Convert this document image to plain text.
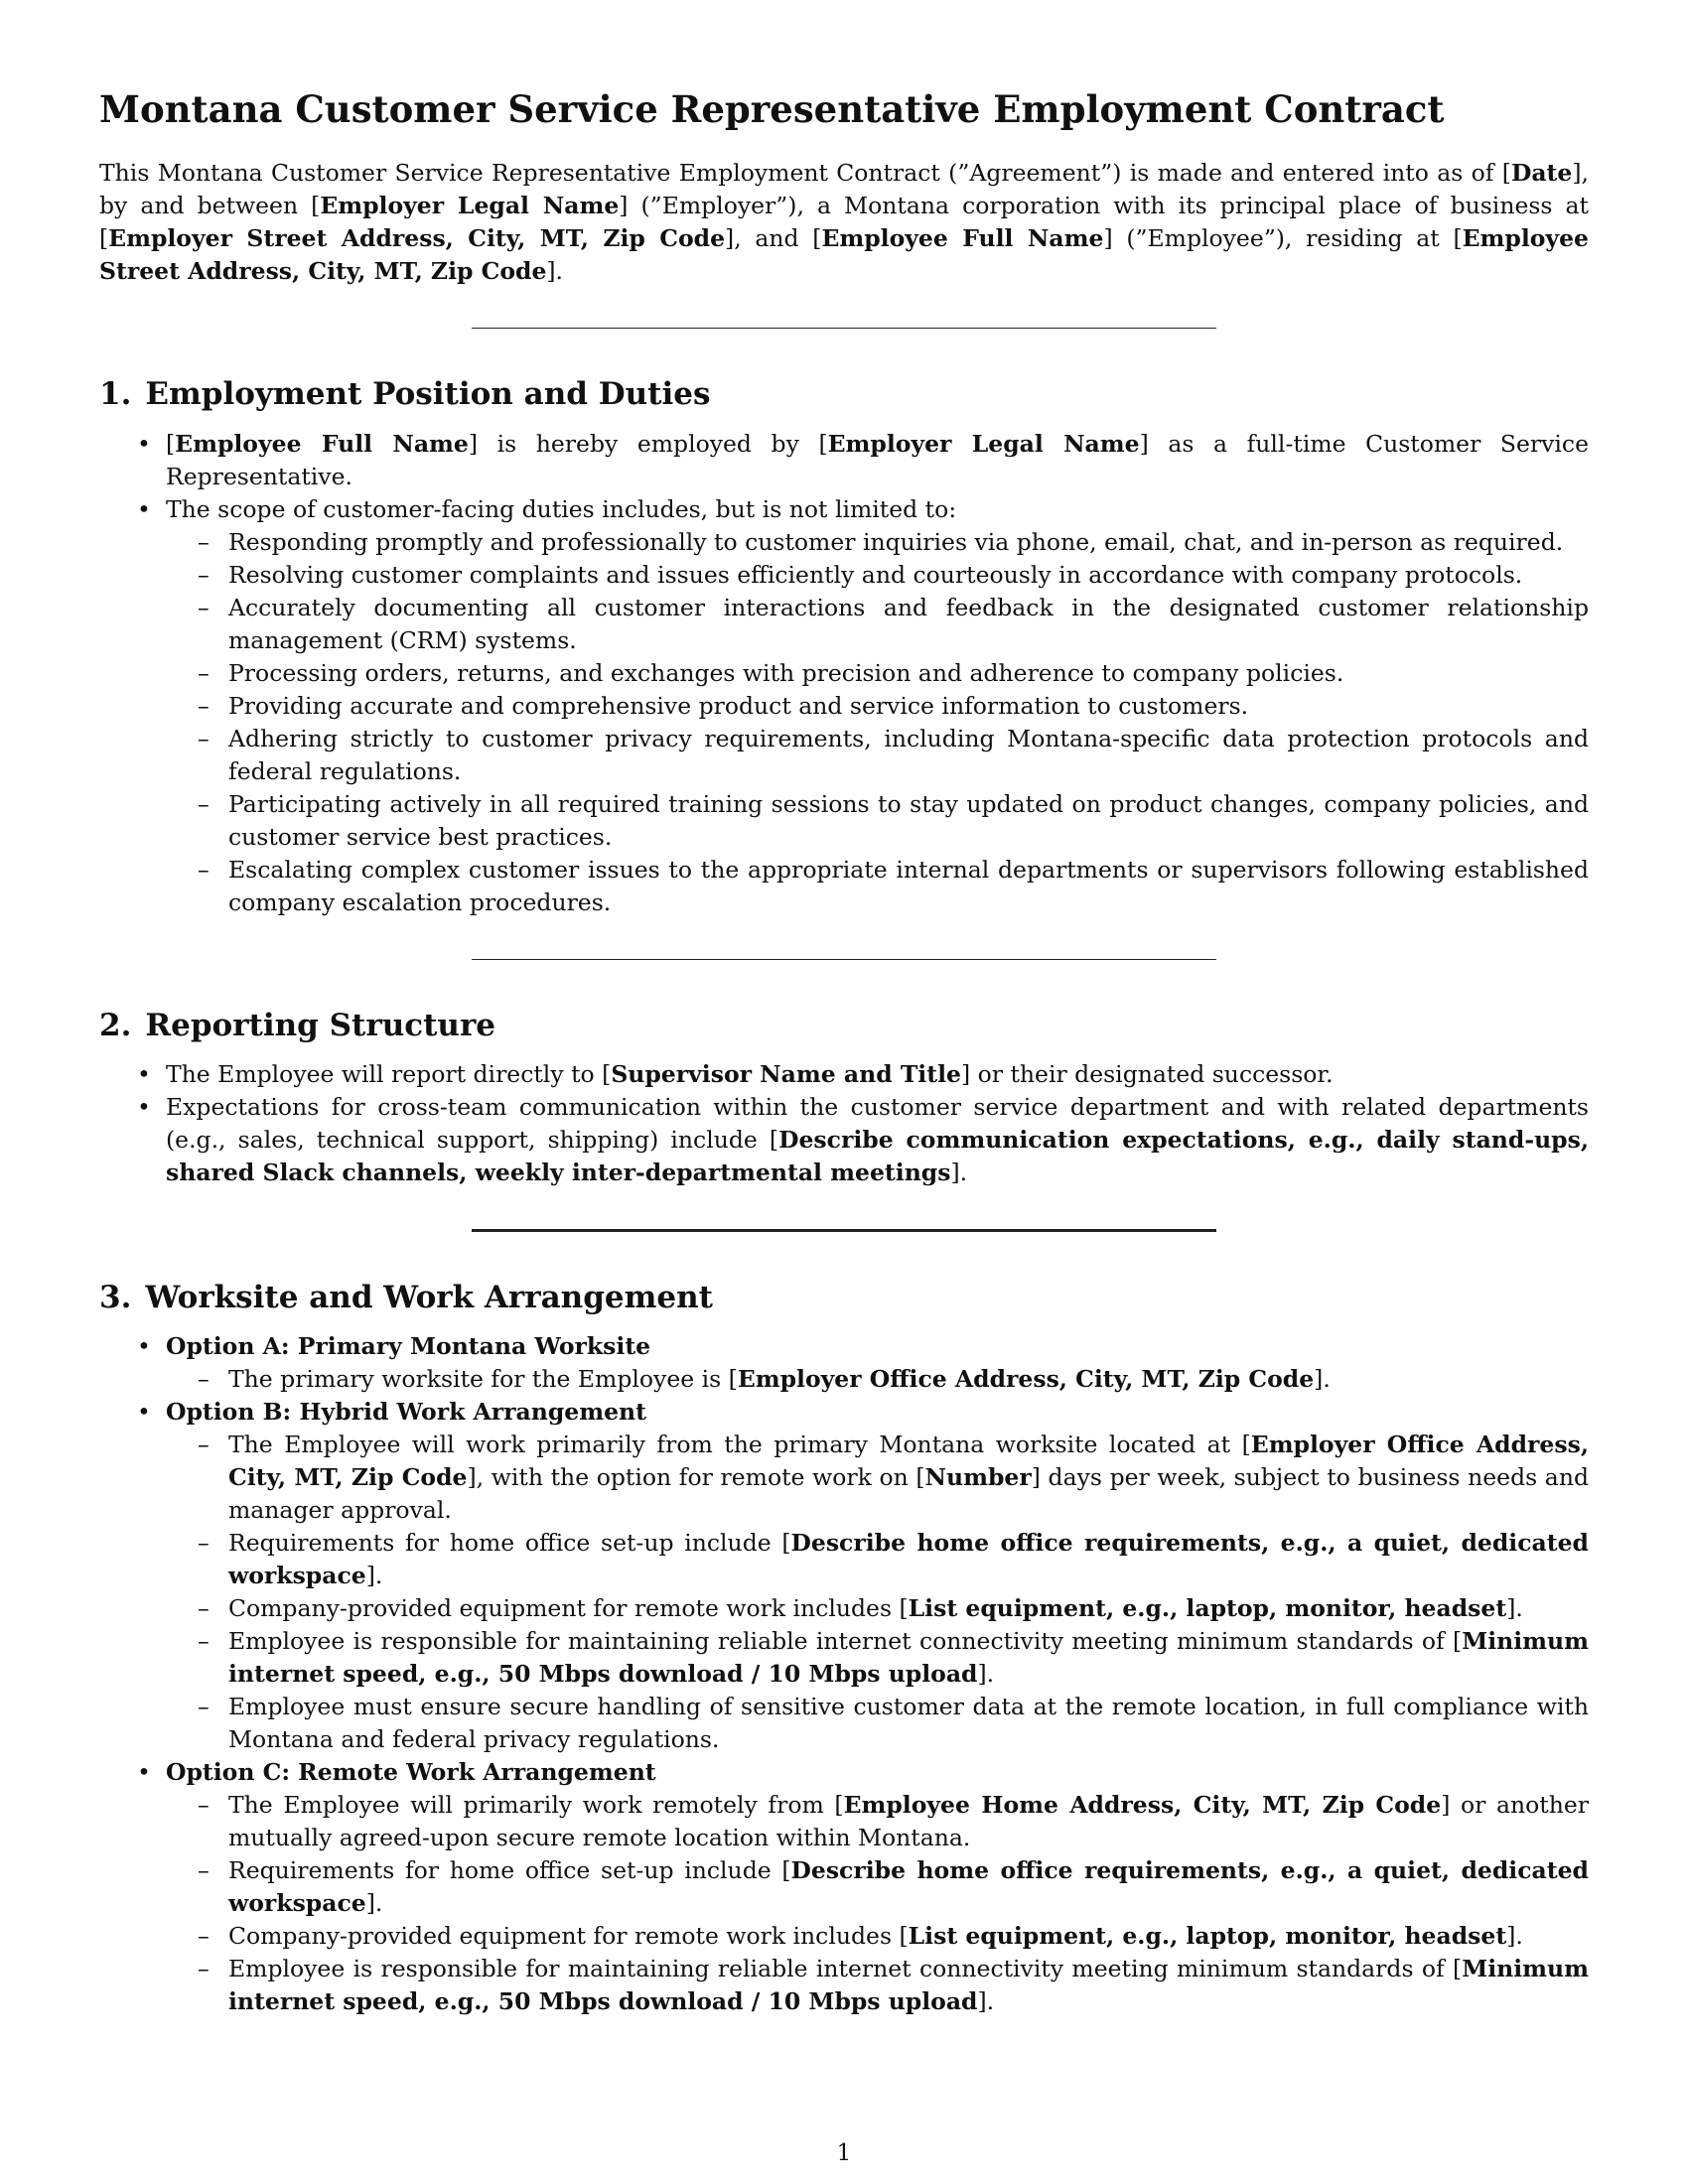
Montana Customer Service Representative Employment Contract

This Montana Customer Service Representative Employment Contract (”Agreement”) is made and entered into as of [Date], by and between [Employer Legal Name] (”Employer”), a Montana corporation with its principal place of business at [Employer Street Address, City, MT, Zip Code], and [Employee Full Name] (”Employee”), residing at [Employee Street Address, City, MT, Zip Code].

1. Employment Position and Duties
• [Employee Full Name] is hereby employed by [Employer Legal Name] as a full-time Customer Service Representative.
• The scope of customer-facing duties includes, but is not limited to:
– Responding promptly and professionally to customer inquiries via phone, email, chat, and in-person as required.
– Resolving customer complaints and issues efficiently and courteously in accordance with company protocols.
– Accurately documenting all customer interactions and feedback in the designated customer relationship management (CRM) systems.
– Processing orders, returns, and exchanges with precision and adherence to company policies.
– Providing accurate and comprehensive product and service information to customers.
– Adhering strictly to customer privacy requirements, including Montana-specific data protection protocols and federal regulations.
– Participating actively in all required training sessions to stay updated on product changes, company policies, and customer service best practices.
– Escalating complex customer issues to the appropriate internal departments or supervisors following established company escalation procedures.
2. Reporting Structure
• The Employee will report directly to [Supervisor Name and Title] or their designated successor.
• Expectations for cross-team communication within the customer service department and with related departments (e.g., sales, technical support, shipping) include [Describe communication expectations, e.g., daily stand-ups, shared Slack channels, weekly inter-departmental meetings].
3. Worksite and Work Arrangement
• Option A: Primary Montana Worksite
– The primary worksite for the Employee is [Employer Office Address, City, MT, Zip Code].
• Option B: Hybrid Work Arrangement
– The Employee will work primarily from the primary Montana worksite located at [Employer Office Address, City, MT, Zip Code], with the option for remote work on [Number] days per week, subject to business needs and manager approval.
– Requirements for home office set-up include [Describe home office requirements, e.g., a quiet, dedicated workspace].
– Company-provided equipment for remote work includes [List equipment, e.g., laptop, monitor, headset].
– Employee is responsible for maintaining reliable internet connectivity meeting minimum standards of [Minimum internet speed, e.g., 50 Mbps download / 10 Mbps upload].
– Employee must ensure secure handling of sensitive customer data at the remote location, in full compliance with Montana and federal privacy regulations.
• Option C: Remote Work Arrangement
– The Employee will primarily work remotely from [Employee Home Address, City, MT, Zip Code] or another mutually agreed-upon secure remote location within Montana.
– Requirements for home office set-up include [Describe home office requirements, e.g., a quiet, dedicated workspace].
– Company-provided equipment for remote work includes [List equipment, e.g., laptop, monitor, headset].
– Employee is responsible for maintaining reliable internet connectivity meeting minimum standards of [Minimum internet speed, e.g., 50 Mbps download / 10 Mbps upload].
1
